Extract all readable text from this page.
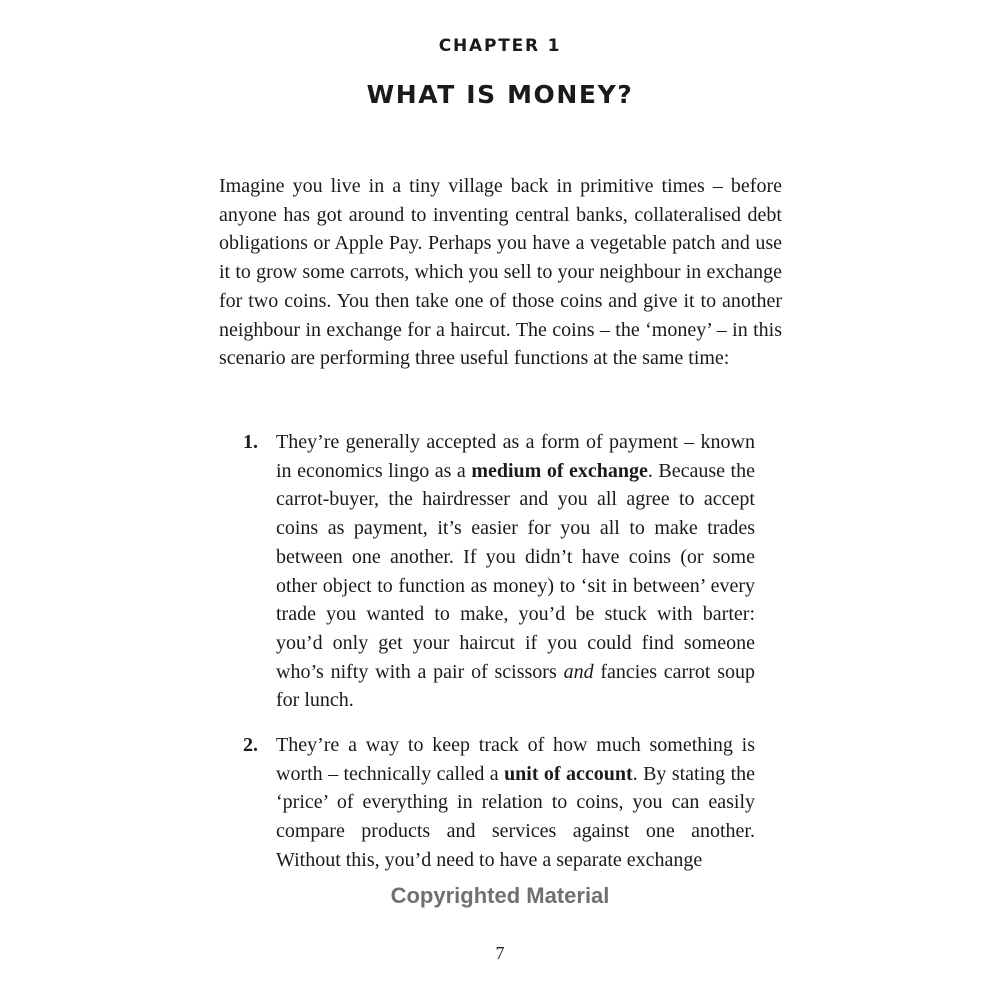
CHAPTER 1
WHAT IS MONEY?

Imagine you live in a tiny village back in primitive times – before anyone has got around to inventing central banks, collateralised debt obligations or Apple Pay. Perhaps you have a vegetable patch and use it to grow some carrots, which you sell to your neighbour in exchange for two coins. You then take one of those coins and give it to another neighbour in exchange for a haircut. The coins – the ‘money’ – in this scenario are performing three useful functions at the same time:

1. They’re generally accepted as a form of payment – known in economics lingo as a medium of exchange. Because the carrot-buyer, the hairdresser and you all agree to accept coins as payment, it’s easier for you all to make trades between one another. If you didn’t have coins (or some other object to function as money) to ‘sit in between’ every trade you wanted to make, you’d be stuck with barter: you’d only get your haircut if you could find someone who’s nifty with a pair of scissors and fancies carrot soup for lunch.

2. They’re a way to keep track of how much something is worth – technically called a unit of account. By stating the ‘price’ of everything in relation to coins, you can easily compare products and services against one another. Without this, you’d need to have a separate exchange

Copyrighted Material
7
